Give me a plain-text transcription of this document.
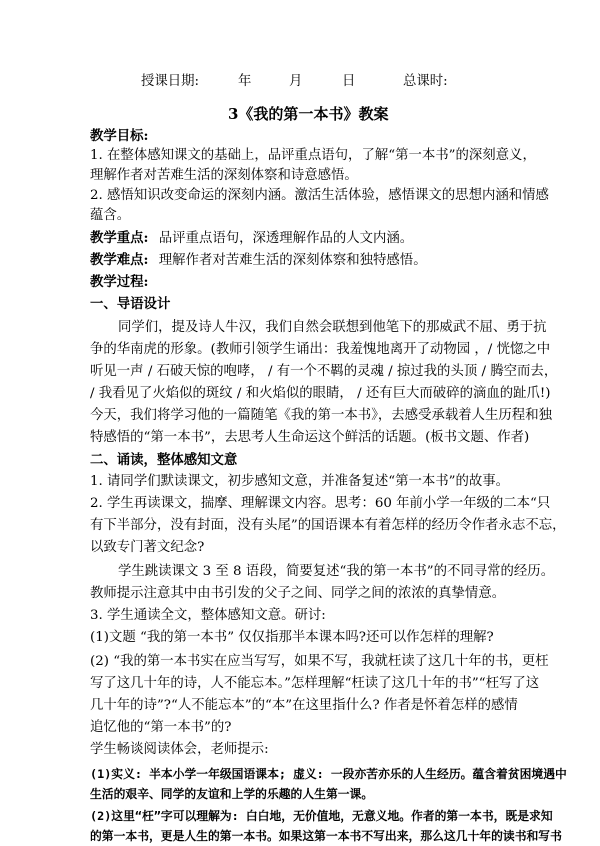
授课日期:	年	月	日	总课时:
3《我的第一本书》教案
教学目标:
1. 在整体感知课文的基础上，品评重点语句，了解“第一本书”的深刻意义，
理解作者对苦难生活的深刻体察和诗意感悟。
2. 感悟知识改变命运的深刻内涵。激活生活体验，感悟课文的思想内涵和情感
蕴含。
教学重点: 品评重点语句，深透理解作品的人文内涵。
教学难点: 理解作者对苦难生活的深刻体察和独特感悟。
教学过程:
一、导语设计
同学们，提及诗人牛汉，我们自然会联想到他笔下的那威武不屈、勇于抗
争的华南虎的形象。(教师引领学生诵出：我羞愧地离开了动物园 ，/ 恍惚之中
听见一声 / 石破天惊的咆哮， / 有一个不羁的灵魂 / 掠过我的头顶 / 腾空而去，
/ 我看见了火焰似的斑纹 / 和火焰似的眼睛， / 还有巨大而破碎的滴血的趾爪!)
今天，我们将学习他的一篇随笔《我的第一本书》，去感受承载着人生历程和独
特感悟的“第一本书”，去思考人生命运这个鲜活的话题。(板书文题、作者)
二、诵读，整体感知文意
1. 请同学们默读课文，初步感知文意，并准备复述“第一本书”的故事。
2. 学生再读课文，揣摩、理解课文内容。思考：60 年前小学一年级的二本“只
有下半部分，没有封面，没有头尾”的国语课本有着怎样的经历令作者永志不忘，
以致专门著文纪念?
学生跳读课文 3 至 8 语段，简要复述“我的第一本书”的不同寻常的经历。
教师提示注意其中由书引发的父子之间、同学之间的浓浓的真挚情意。
3. 学生通读全文，整体感知文意。研讨:
(1)文题 “我的第一本书” 仅仅指那半本课本吗?还可以作怎样的理解?
(2) “我的第一本书实在应当写写，如果不写，我就枉读了这几十年的书，更枉
写了这几十年的诗，人不能忘本。”怎样理解“枉读了这几十年的书”“枉写了这
几十年的诗”?“人不能忘本”的“本”在这里指什么? 作者是怀着怎样的感情
追忆他的“第一本书”的?
学生畅谈阅读体会，老师提示:
(1)实义: 半本小学一年级国语课本; 虚义: 一段亦苦亦乐的人生经历。蕴含着贫困境遇中
生活的艰辛、同学的友谊和上学的乐趣的人生第一课。
(2)这里“枉”字可以理解为: 白白地，无价值地，无意义地。作者的第一本书，既是求知
的第一本书，更是人生的第一本书。如果这第一本书不写出来，那么这几十年的读书和写书
